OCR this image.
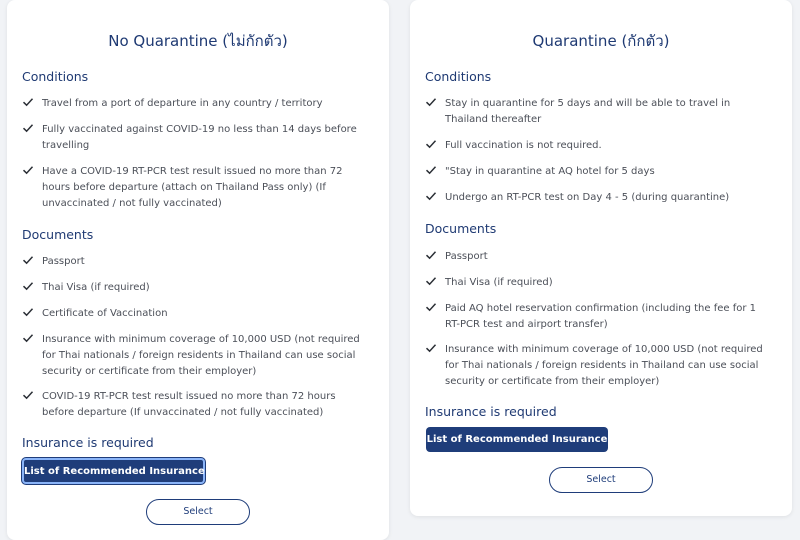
No Quarantine (ไม่กักตัว)
Conditions
Travel from a port of departure in any country / territory
Fully vaccinated against COVID-19 no less than 14 days before travelling
Have a COVID-19 RT-PCR test result issued no more than 72 hours before departure (attach on Thailand Pass only) (If unvaccinated / not fully vaccinated)
Documents
Passport
Thai Visa (if required)
Certificate of Vaccination
Insurance with minimum coverage of 10,000 USD (not required for Thai nationals / foreign residents in Thailand can use social security or certificate from their employer)
COVID-19 RT-PCR test result issued no more than 72 hours before departure (If unvaccinated / not fully vaccinated)
Insurance is required
List of Recommended Insurance
Select
Quarantine (กักตัว)
Conditions
Stay in quarantine for 5 days and will be able to travel in Thailand thereafter
Full vaccination is not required.
"Stay in quarantine at AQ hotel for 5 days
Undergo an RT-PCR test on Day 4 - 5 (during quarantine)
Documents
Passport
Thai Visa (if required)
Paid AQ hotel reservation confirmation (including the fee for 1 RT-PCR test and airport transfer)
Insurance with minimum coverage of 10,000 USD (not required for Thai nationals / foreign residents in Thailand can use social security or certificate from their employer)
Insurance is required
List of Recommended Insurance
Select
